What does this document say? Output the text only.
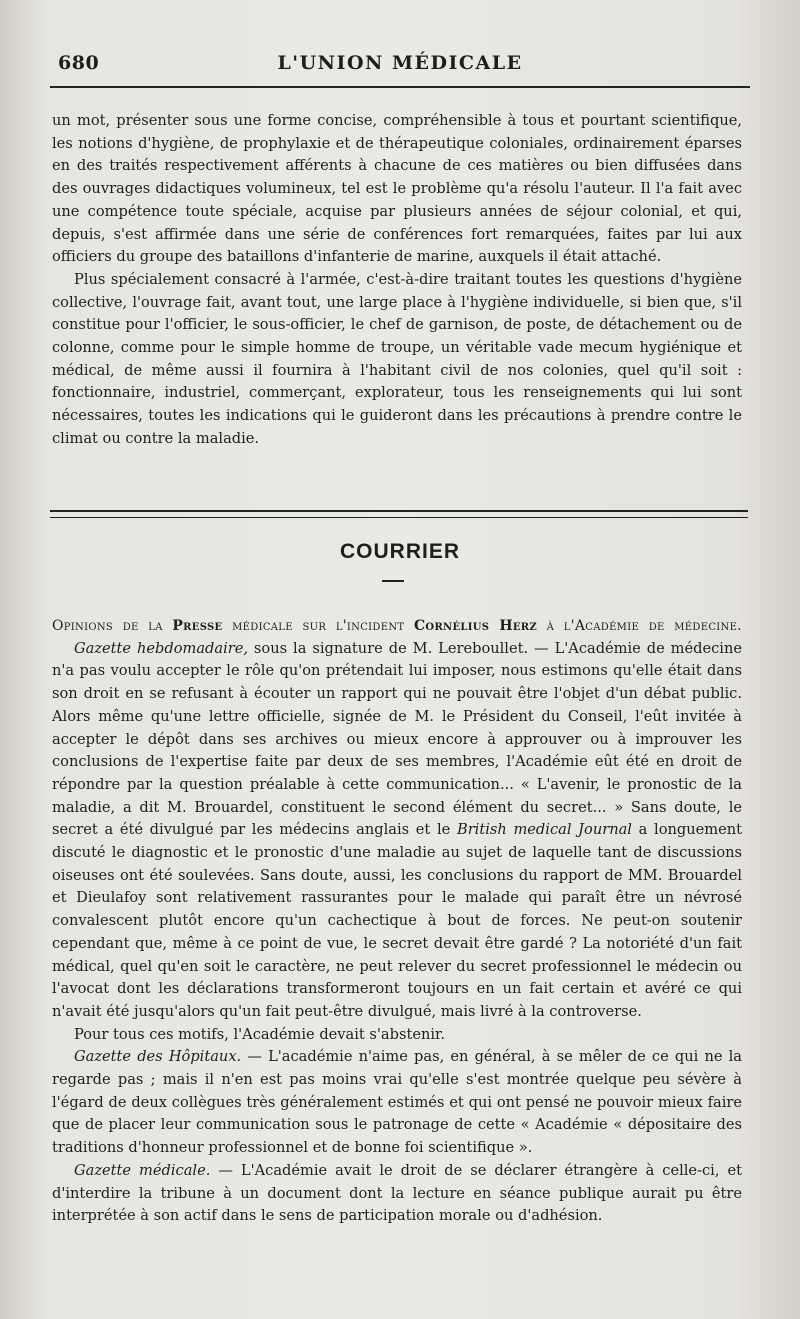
680	L'UNION MÉDICALE

un mot, présenter sous une forme concise, compréhensible à tous et pourtant scientifique, les notions d'hygiène, de prophylaxie et de thérapeutique coloniales, ordinairement éparses en des traités respectivement afférents à chacune de ces matières ou bien diffusées dans des ouvrages didactiques volumineux, tel est le problème qu'a résolu l'auteur. Il l'a fait avec une compétence toute spéciale, acquise par plusieurs années de séjour colonial, et qui, depuis, s'est affirmée dans une série de conférences fort remarquées, faites par lui aux officiers du groupe des bataillons d'infanterie de marine, auxquels il était attaché.

Plus spécialement consacré à l'armée, c'est-à-dire traitant toutes les questions d'hygiène collective, l'ouvrage fait, avant tout, une large place à l'hygiène individuelle, si bien que, s'il constitue pour l'officier, le sous-officier, le chef de garnison, de poste, de détachement ou de colonne, comme pour le simple homme de troupe, un véritable vade mecum hygiénique et médical, de même aussi il fournira à l'habitant civil de nos colonies, quel qu'il soit : fonctionnaire, industriel, commerçant, explorateur, tous les renseignements qui lui sont nécessaires, toutes les indications qui le guideront dans les précautions à prendre contre le climat ou contre la maladie.

COURRIER

Opinions de la Presse médicale sur l'incident Cornélius Herz à l'Académie de médecine.

Gazette hebdomadaire, sous la signature de M. Lereboullet. — L'Académie de médecine n'a pas voulu accepter le rôle qu'on prétendait lui imposer, nous estimons qu'elle était dans son droit en se refusant à écouter un rapport qui ne pouvait être l'objet d'un débat public. Alors même qu'une lettre officielle, signée de M. le Président du Conseil, l'eût invitée à accepter le dépôt dans ses archives ou mieux encore à approuver ou à improuver les conclusions de l'expertise faite par deux de ses membres, l'Académie eût été en droit de répondre par la question préalable à cette communication... « L'avenir, le pronostic de la maladie, a dit M. Brouardel, constituent le second élément du secret... » Sans doute, le secret a été divulgué par les médecins anglais et le British medical Journal a longuement discuté le diagnostic et le pronostic d'une maladie au sujet de laquelle tant de discussions oiseuses ont été soulevées. Sans doute, aussi, les conclusions du rapport de MM. Brouardel et Dieulafoy sont relativement rassurantes pour le malade qui paraît être un névrosé convalescent plutôt encore qu'un cachectique à bout de forces. Ne peut-on soutenir cependant que, même à ce point de vue, le secret devait être gardé ? La notoriété d'un fait médical, quel qu'en soit le caractère, ne peut relever du secret professionnel le médecin ou l'avocat dont les déclarations transformeront toujours en un fait certain et avéré ce qui n'avait été jusqu'alors qu'un fait peut-être divulgué, mais livré à la controverse.

Pour tous ces motifs, l'Académie devait s'abstenir.

Gazette des Hôpitaux. — L'académie n'aime pas, en général, à se mêler de ce qui ne la regarde pas ; mais il n'en est pas moins vrai qu'elle s'est montrée quelque peu sévère à l'égard de deux collègues très généralement estimés et qui ont pensé ne pouvoir mieux faire que de placer leur communication sous le patronage de cette « Académie « dépositaire des traditions d'honneur professionnel et de bonne foi scientifique ».

Gazette médicale. — L'Académie avait le droit de se déclarer étrangère à celle-ci, et d'interdire la tribune à un document dont la lecture en séance publique aurait pu être interprétée à son actif dans le sens de participation morale ou d'adhésion.
